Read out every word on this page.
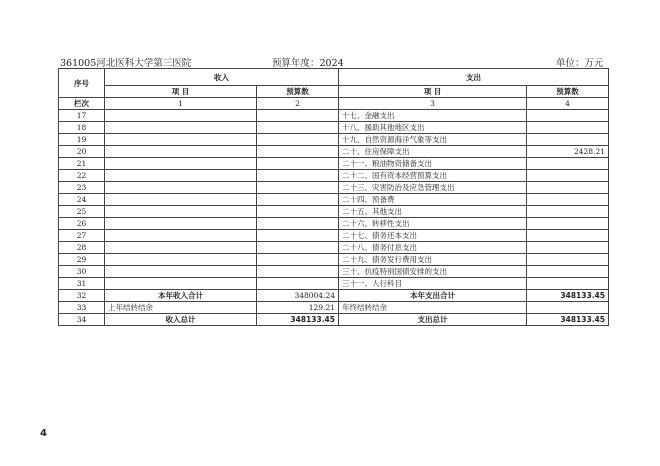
361005河北医科大学第三医院	预算年度：2024	单位：万元
序号	收入		支出	
	项 目	预算数	项 目	预算数
栏次	1	2	3	4
17			十七、金融支出	
18			十八、援助其他地区支出	
19			十九、自然资源海洋气象等支出	
20			二十、住房保障支出	2428.21
21			二十一、粮油物资储备支出	
22			二十二、国有资本经营预算支出	
23			二十三、灾害防治及应急管理支出	
24			二十四、预备费	
25			二十五、其他支出	
26			二十六、转移性支出	
27			二十七、债务还本支出	
28			二十八、债务付息支出	
29			二十九、债务发行费用支出	
30			三十、抗疫特别国债安排的支出	
31			三十一、人行科目	
32	本年收入合计	348004.24	本年支出合计	348133.45
33	上年结转结余	129.21	年终结转结余	
34	收入总计	348133.45	支出总计	348133.45
4
